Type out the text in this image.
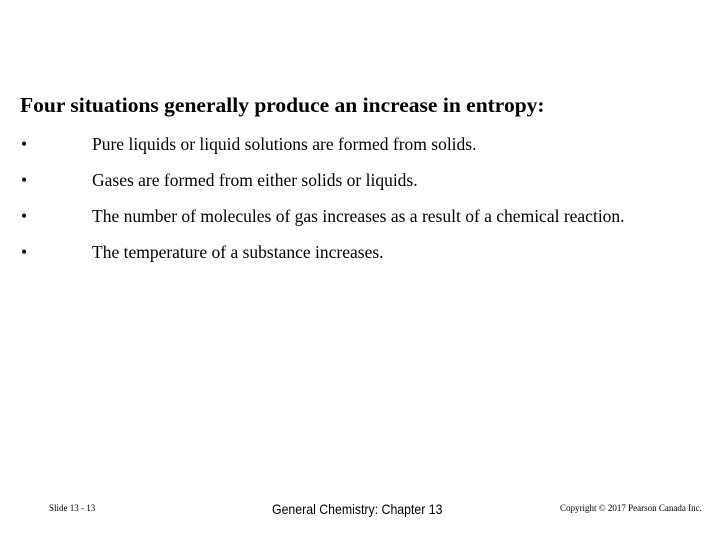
Four situations generally produce an increase in entropy:
•	Pure liquids or liquid solutions are formed from solids.
•	Gases are formed from either solids or liquids.
•	The number of molecules of gas increases as a result of a chemical reaction.
•	The temperature of a substance increases.
Slide 13 - 13	General Chemistry: Chapter 13	Copyright © 2017 Pearson Canada Inc.
